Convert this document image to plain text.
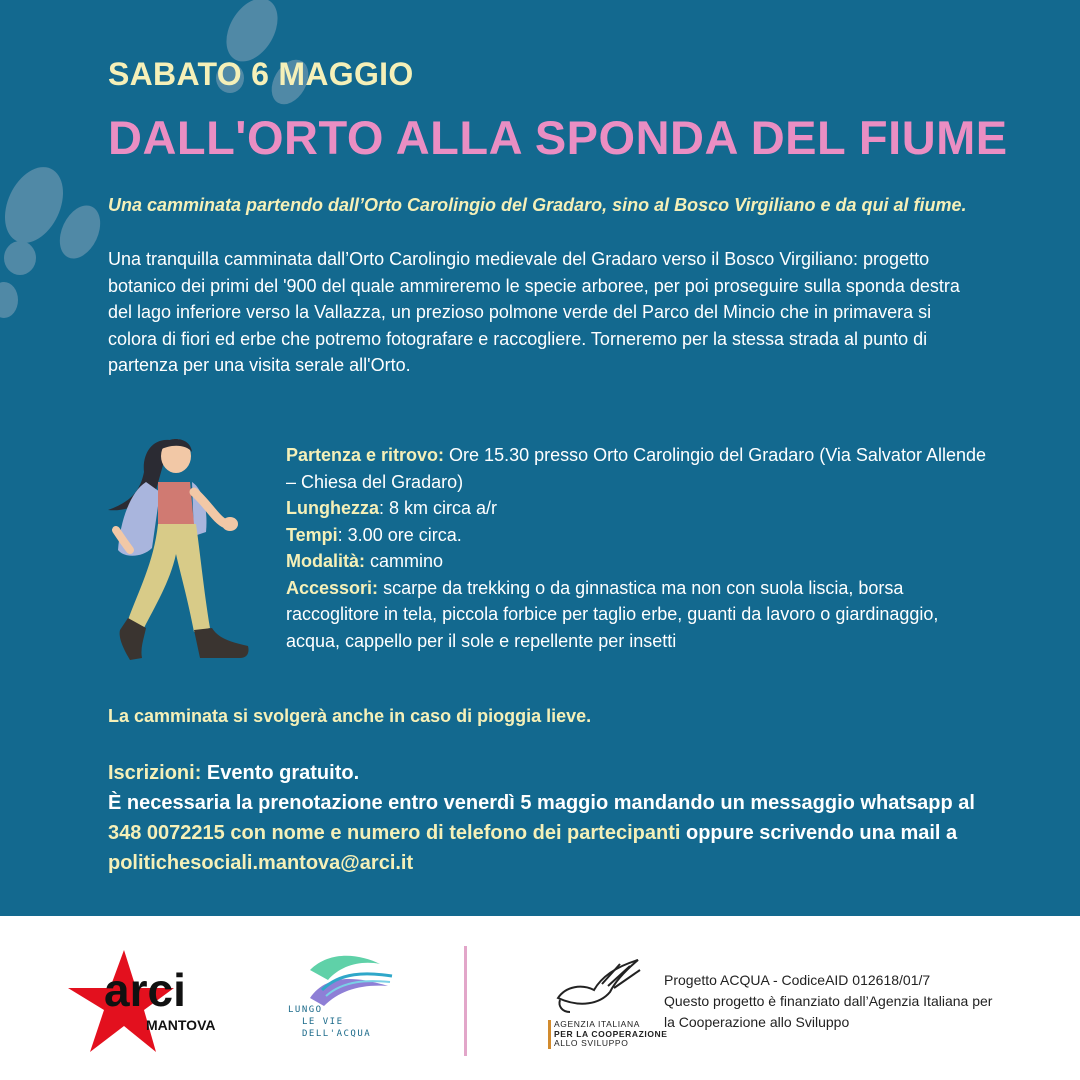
SABATO 6 MAGGIO
DALL'ORTO ALLA SPONDA DEL FIUME
Una camminata partendo dall’Orto Carolingio del Gradaro, sino al Bosco Virgiliano e da qui al fiume.
Una tranquilla camminata dall’Orto Carolingio medievale del Gradaro verso il Bosco Virgiliano: progetto botanico dei primi del '900 del quale ammireremo le specie arboree, per poi proseguire sulla sponda destra del lago inferiore verso la Vallazza, un prezioso polmone verde del Parco del Mincio che in primavera si colora di fiori ed erbe che potremo fotografare e raccogliere. Torneremo per la stessa strada al punto di partenza per una visita serale all'Orto.
Partenza e ritrovo: Ore 15.30 presso Orto Carolingio del Gradaro (Via Salvator Allende – Chiesa del Gradaro)
Lunghezza: 8 km circa a/r
Tempi: 3.00 ore circa.
Modalità: cammino
Accessori: scarpe da trekking o da ginnastica ma non con suola liscia, borsa raccoglitore in tela, piccola forbice per taglio erbe, guanti da lavoro o giardinaggio, acqua, cappello per il sole e repellente per insetti
La camminata si svolgerà anche in caso di pioggia lieve.
Iscrizioni: Evento gratuito.
È necessaria la prenotazione entro venerdì 5 maggio mandando un messaggio whatsapp al 348 0072215 con nome e numero di telefono dei partecipanti oppure scrivendo una mail a politichesociali.mantova@arci.it
arci
MANTOVA
LUNGO
LE VIE
DELL'ACQUA
AGENZIA ITALIANA
PER LA COOPERAZIONE
ALLO SVILUPPO
Progetto ACQUA - CodiceAID 012618/01/7
Questo progetto è finanziato dall’Agenzia Italiana per la Cooperazione allo Sviluppo
